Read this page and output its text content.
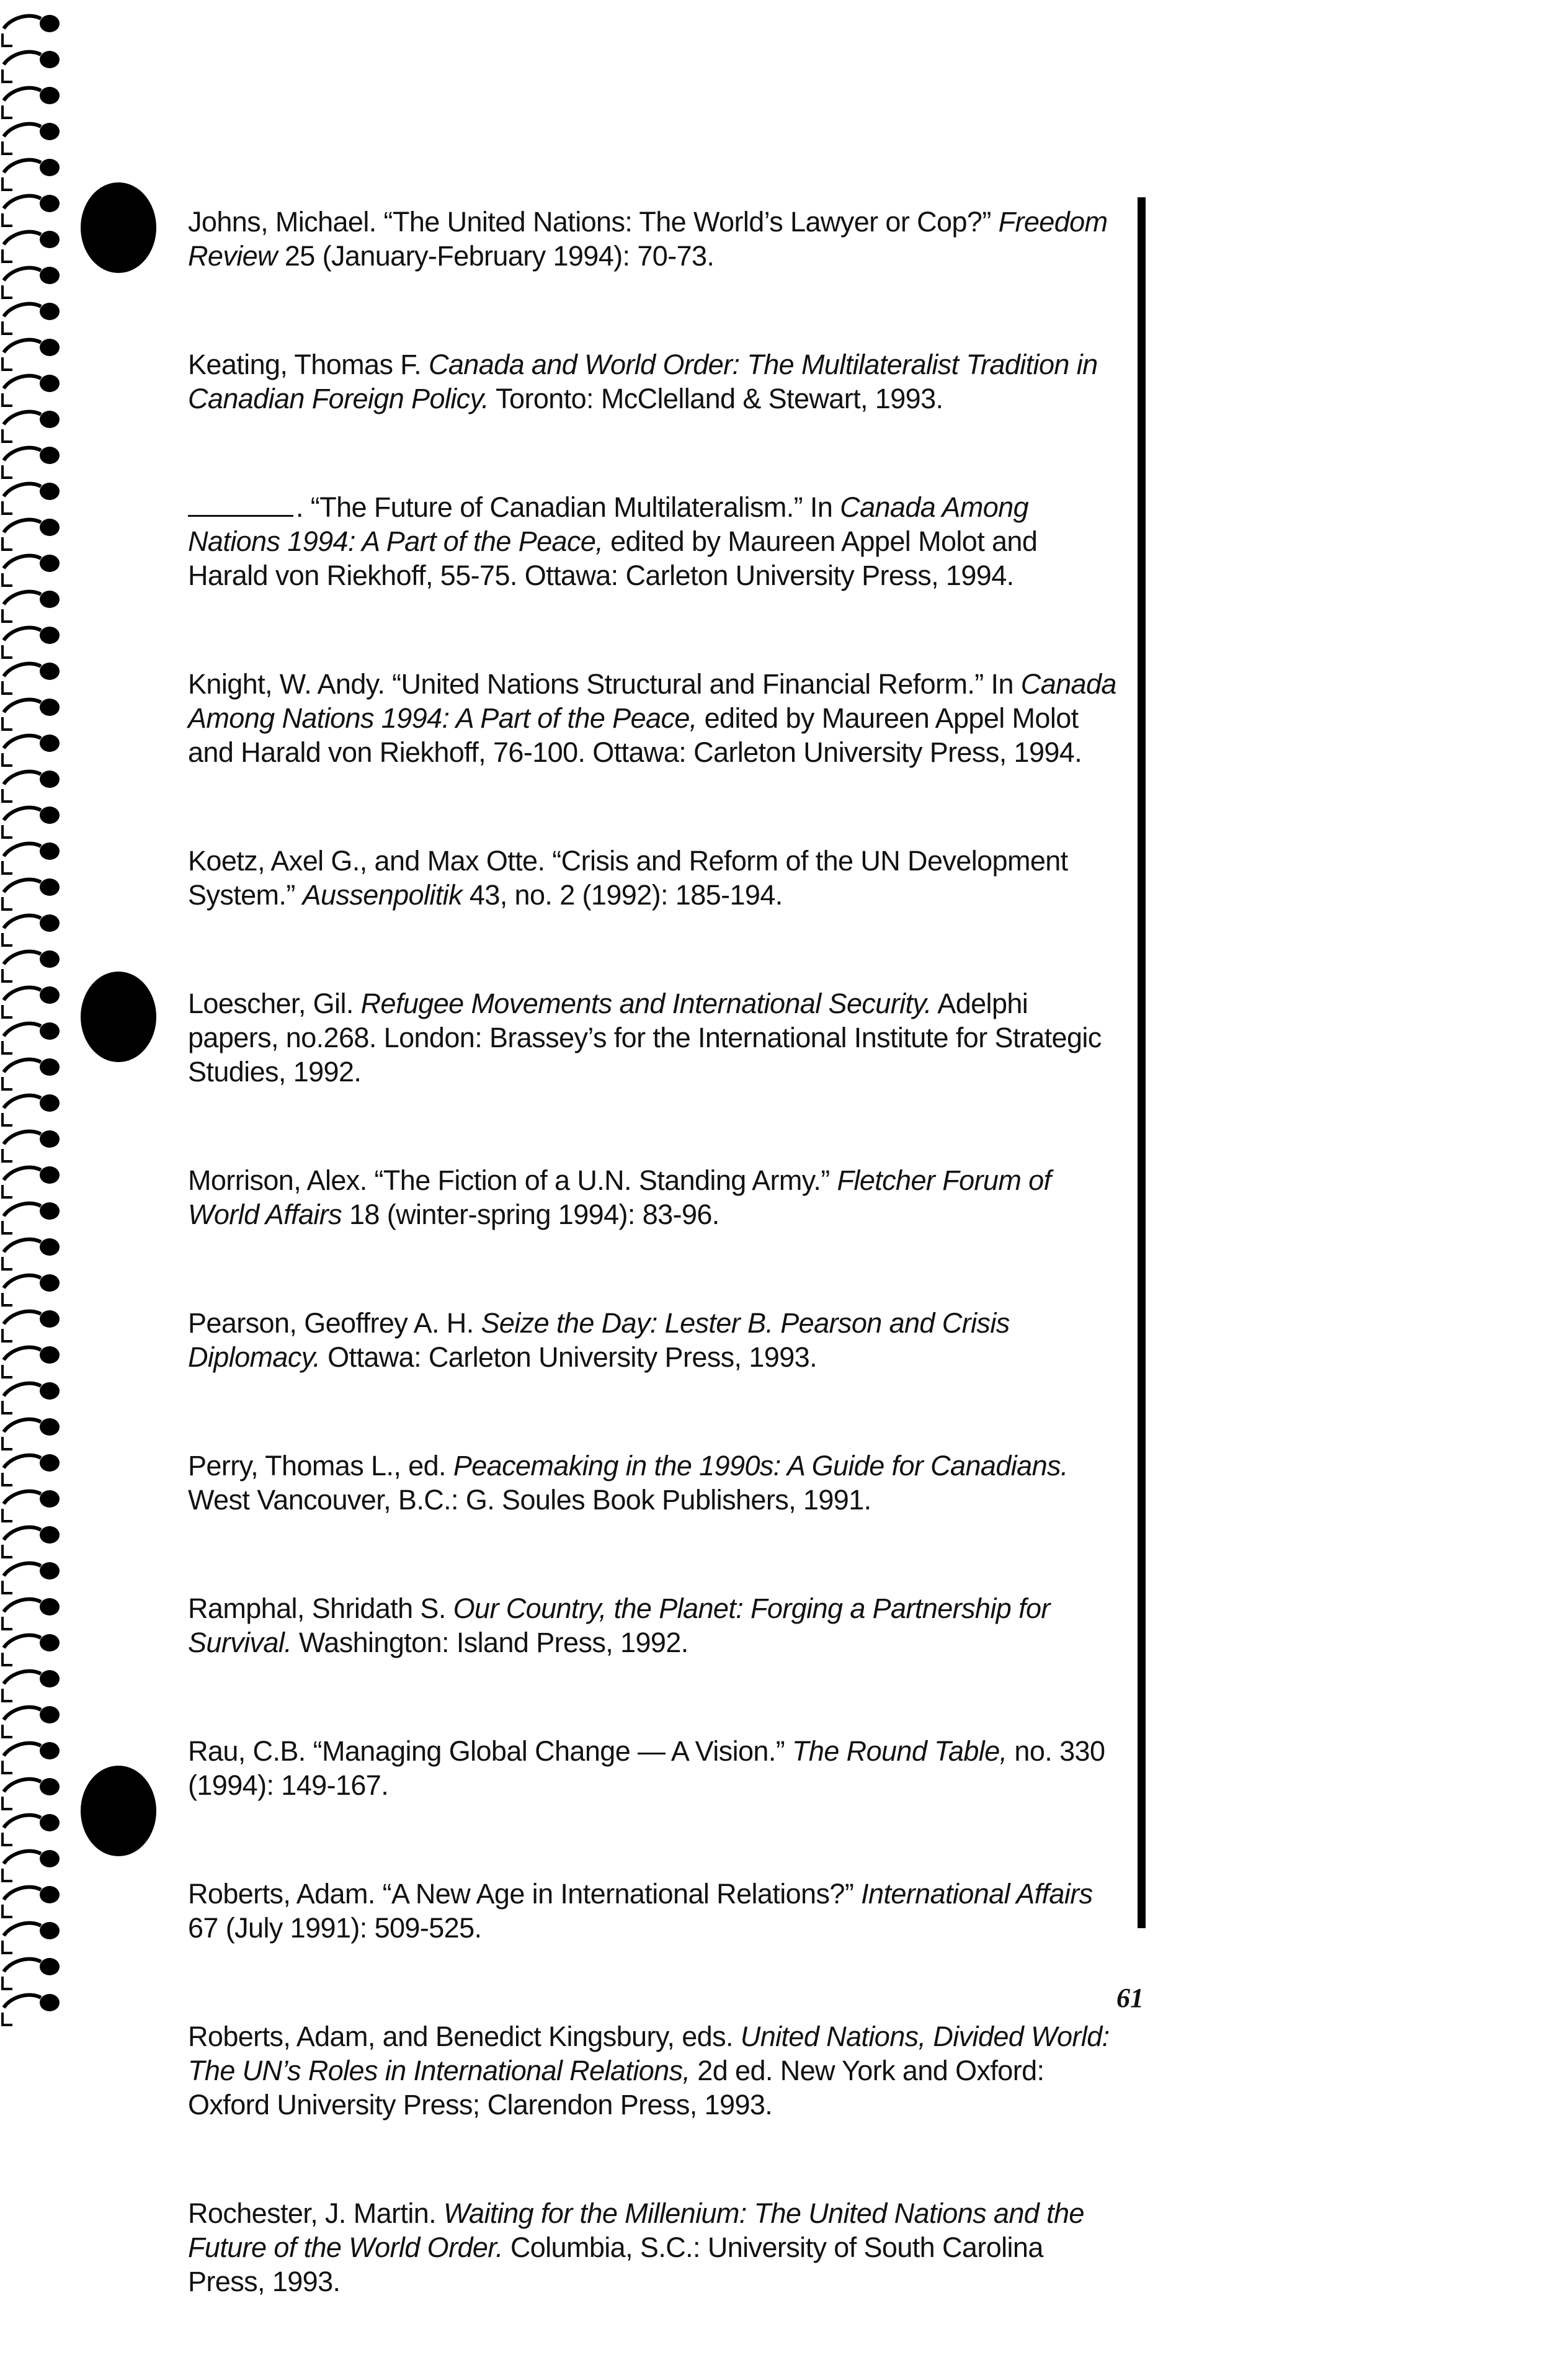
Johns, Michael. “The United Nations: The World’s Lawyer or Cop?” Freedom Review 25 (January-February 1994): 70-73.

Keating, Thomas F. Canada and World Order: The Multilateralist Tradition in Canadian Foreign Policy. Toronto: McClelland & Stewart, 1993.

. “The Future of Canadian Multilateralism.” In Canada Among Nations 1994: A Part of the Peace, edited by Maureen Appel Molot and Harald von Riekhoff, 55-75. Ottawa: Carleton University Press, 1994.

Knight, W. Andy. “United Nations Structural and Financial Reform.” In Canada Among Nations 1994: A Part of the Peace, edited by Maureen Appel Molot and Harald von Riekhoff, 76-100. Ottawa: Carleton University Press, 1994.

Koetz, Axel G., and Max Otte. “Crisis and Reform of the UN Development System.” Aussenpolitik 43, no. 2 (1992): 185-194.

Loescher, Gil. Refugee Movements and International Security. Adelphi papers, no.268. London: Brassey’s for the International Institute for Strategic Studies, 1992.

Morrison, Alex. “The Fiction of a U.N. Standing Army.” Fletcher Forum of World Affairs 18 (winter-spring 1994): 83-96.

Pearson, Geoffrey A. H. Seize the Day: Lester B. Pearson and Crisis Diplomacy. Ottawa: Carleton University Press, 1993.

Perry, Thomas L., ed. Peacemaking in the 1990s: A Guide for Canadians. West Vancouver, B.C.: G. Soules Book Publishers, 1991.

Ramphal, Shridath S. Our Country, the Planet: Forging a Partnership for Survival. Washington: Island Press, 1992.

Rau, C.B. “Managing Global Change — A Vision.” The Round Table, no. 330 (1994): 149-167.

Roberts, Adam. “A New Age in International Relations?” International Affairs 67 (July 1991): 509-525.

Roberts, Adam, and Benedict Kingsbury, eds. United Nations, Divided World: The UN’s Roles in International Relations, 2d ed. New York and Oxford: Oxford University Press; Clarendon Press, 1993.

Rochester, J. Martin. Waiting for the Millenium: The United Nations and the Future of the World Order. Columbia, S.C.: University of South Carolina Press, 1993.

61
